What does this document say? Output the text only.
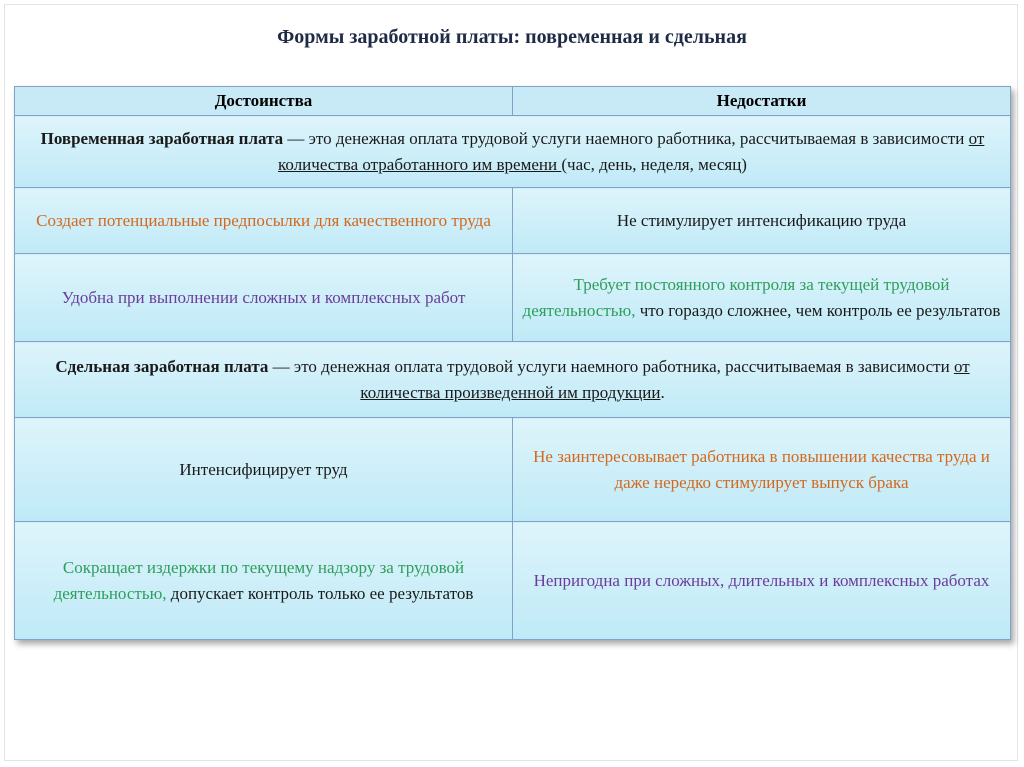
Формы заработной платы: повременная и сдельная
Достоинства	Недостатки
Повременная заработная плата — это денежная оплата трудовой услуги наемного работника, рассчитываемая в зависимости от количества отработанного им времени (час, день, неделя, месяц)	
Создает потенциальные предпосылки для качественного труда	Не стимулирует интенсификацию труда
Удобна при выполнении сложных и комплексных работ	Требует постоянного контроля за текущей трудовой деятельностью, что гораздо сложнее, чем контроль ее результатов
Сдельная заработная плата — это денежная оплата трудовой услуги наемного работника, рассчитываемая в зависимости от количества произведенной им продукции.	
Интенсифицирует труд	Не заинтересовывает работника в повышении качества труда и даже нередко стимулирует выпуск брака
Сокращает издержки по текущему надзору за трудовой деятельностью, допускает контроль только ее результатов	Непригодна при сложных, длительных и комплексных работах
